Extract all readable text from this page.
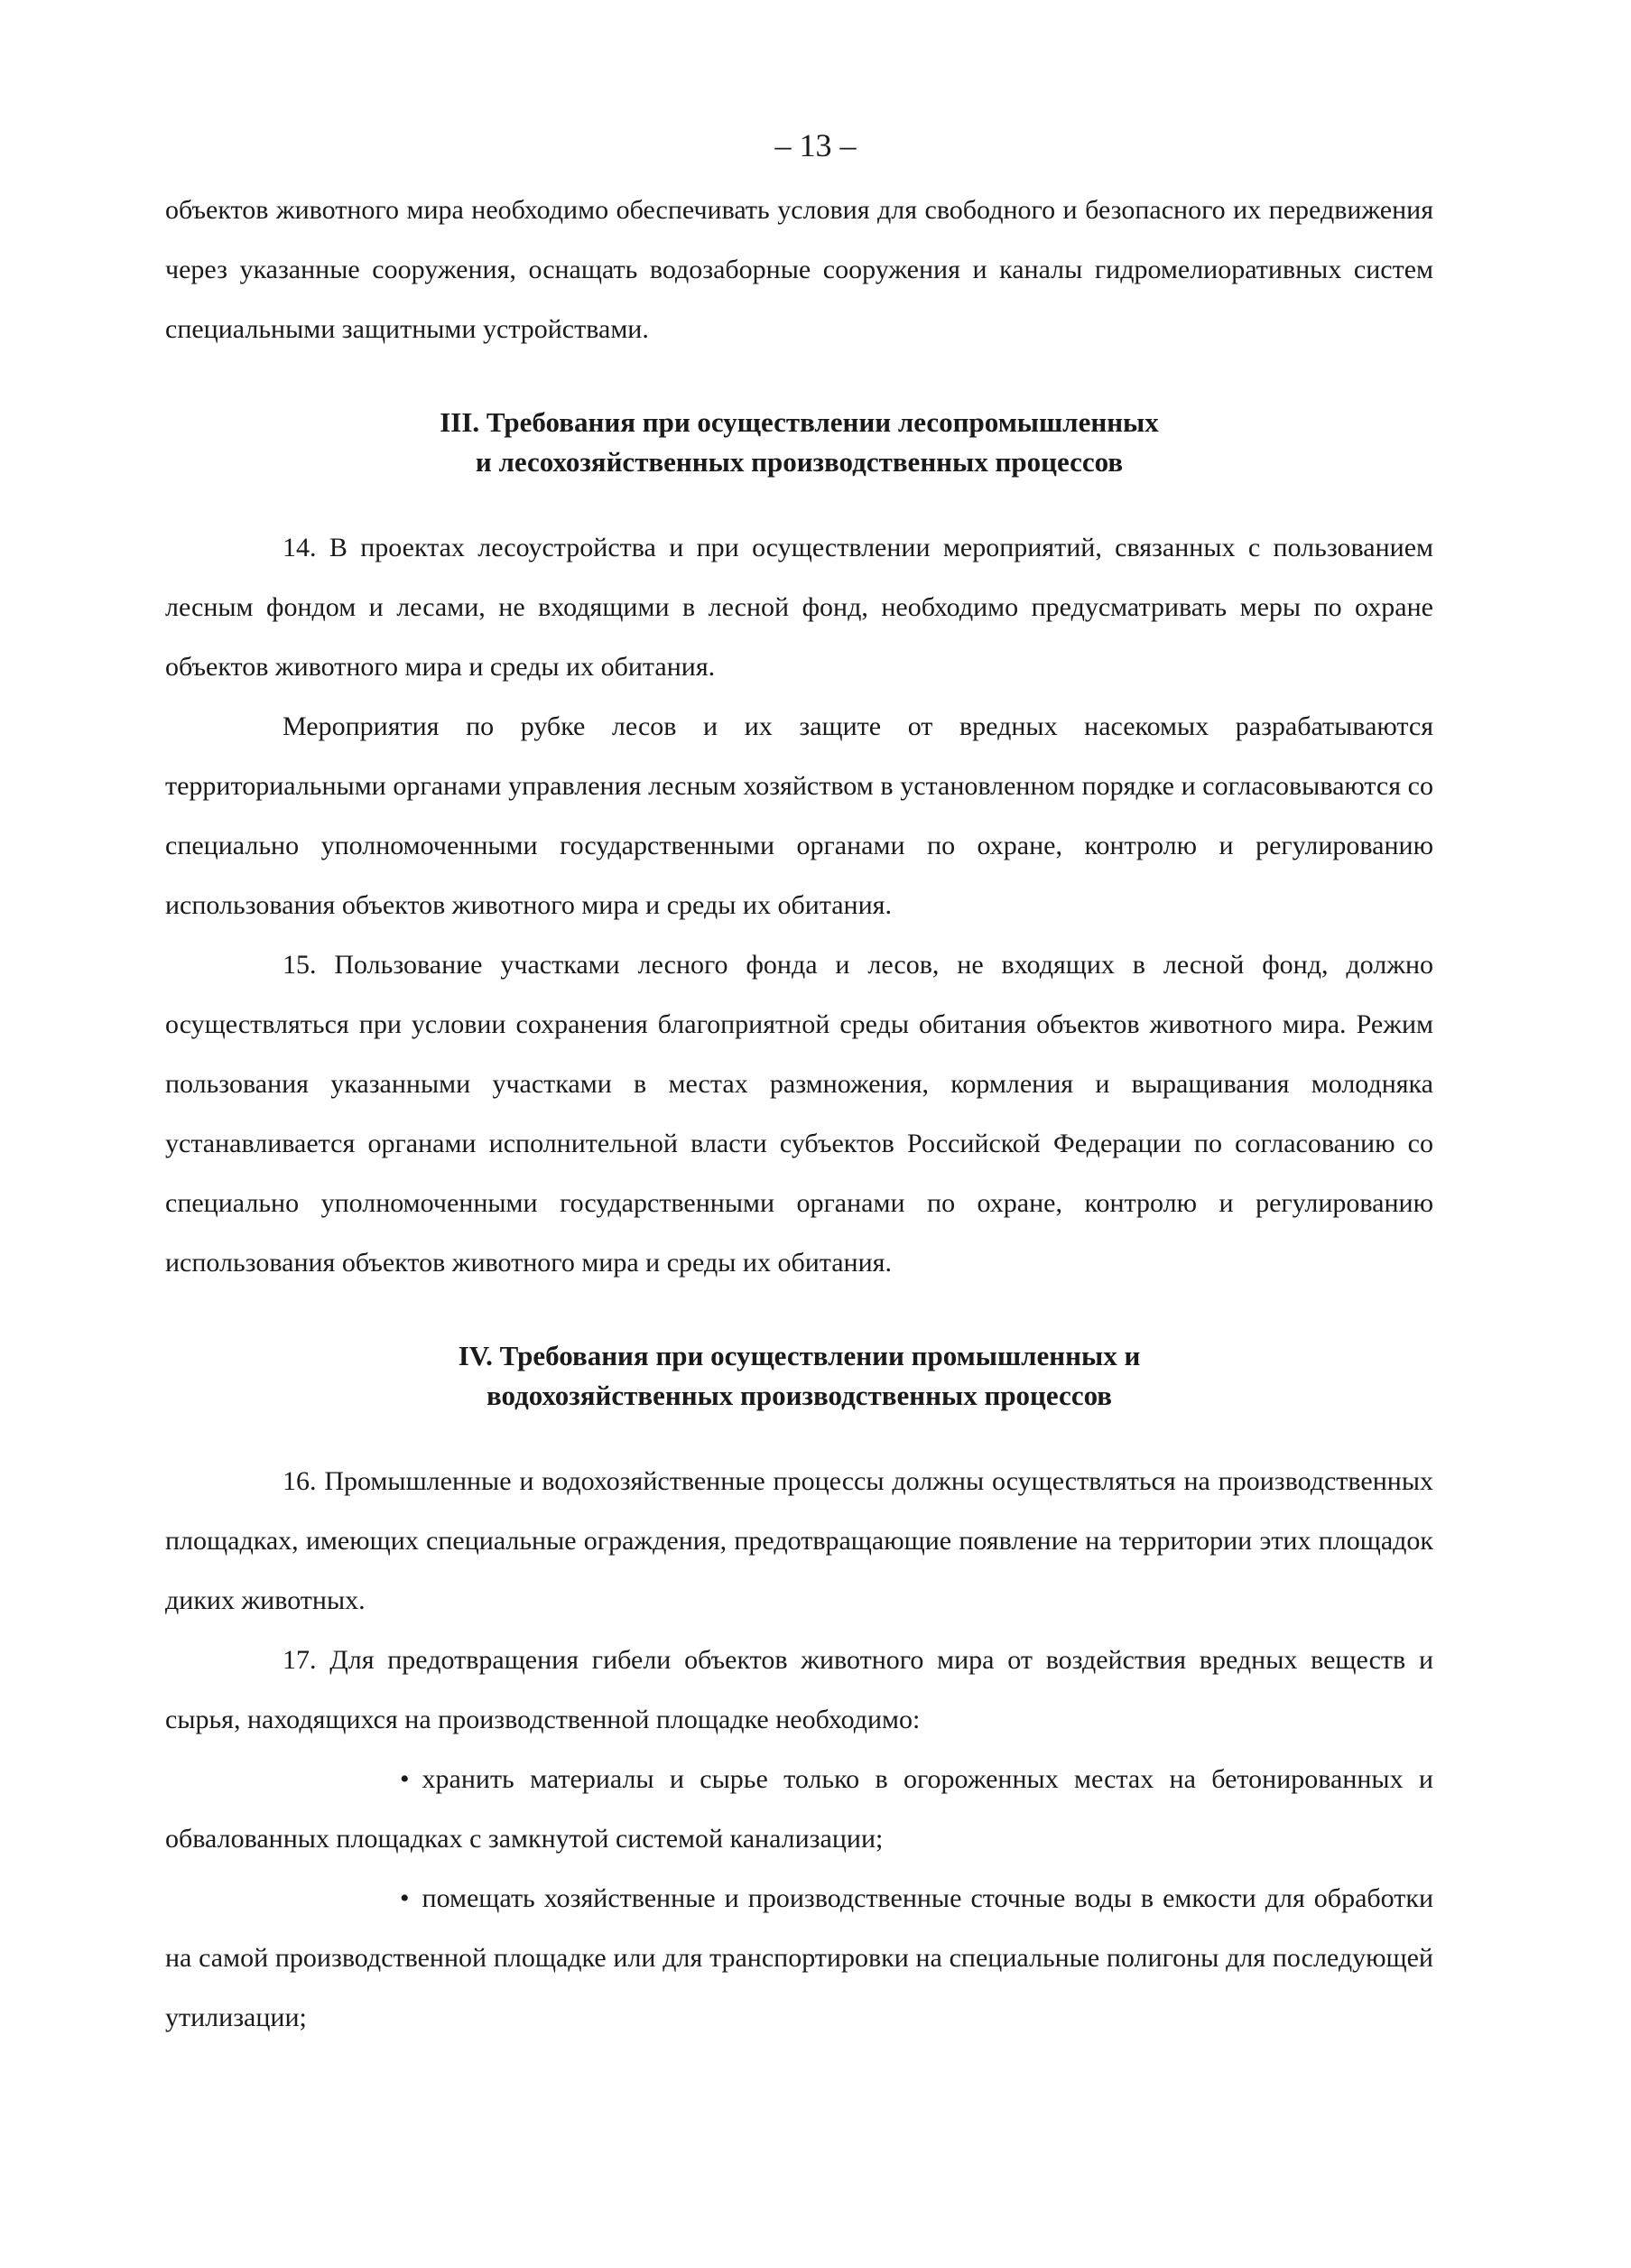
– 13 –

объектов животного мира необходимо обеспечивать условия для свободного и безопасного их передвижения через указанные сооружения, оснащать водозаборные сооружения и каналы гидромелиоративных систем специальными защитными устройствами.

III. Требования при осуществлении лесопромышленных
и лесохозяйственных производственных процессов

14. В проектах лесоустройства и при осуществлении мероприятий, связанных с пользованием лесным фондом и лесами, не входящими в лесной фонд, необходимо предусматривать меры по охране объектов животного мира и среды их обитания.

Мероприятия по рубке лесов и их защите от вредных насекомых разрабатываются территориальными органами управления лесным хозяйством в установленном порядке и согласовываются со специально уполномоченными государственными органами по охране, контролю и регулированию использования объектов животного мира и среды их обитания.

15. Пользование участками лесного фонда и лесов, не входящих в лесной фонд, должно осуществляться при условии сохранения благоприятной среды обитания объектов животного мира. Режим пользования указанными участками в местах размножения, кормления и выращивания молодняка устанавливается органами исполнительной власти субъектов Российской Федерации по согласованию со специально уполномоченными государственными органами по охране, контролю и регулированию использования объектов животного мира и среды их обитания.

IV. Требования при осуществлении промышленных и
водохозяйственных производственных процессов

16. Промышленные и водохозяйственные процессы должны осуществляться на производственных площадках, имеющих специальные ограждения, предотвращающие появление на территории этих площадок диких животных.

17. Для предотвращения гибели объектов животного мира от воздействия вредных веществ и сырья, находящихся на производственной площадке необходимо:

• хранить материалы и сырье только в огороженных местах на бетонированных и обвалованных площадках с замкнутой системой канализации;

• помещать хозяйственные и производственные сточные воды в емкости для обработки на самой производственной площадке или для транспортировки на специальные полигоны для последующей утилизации;
